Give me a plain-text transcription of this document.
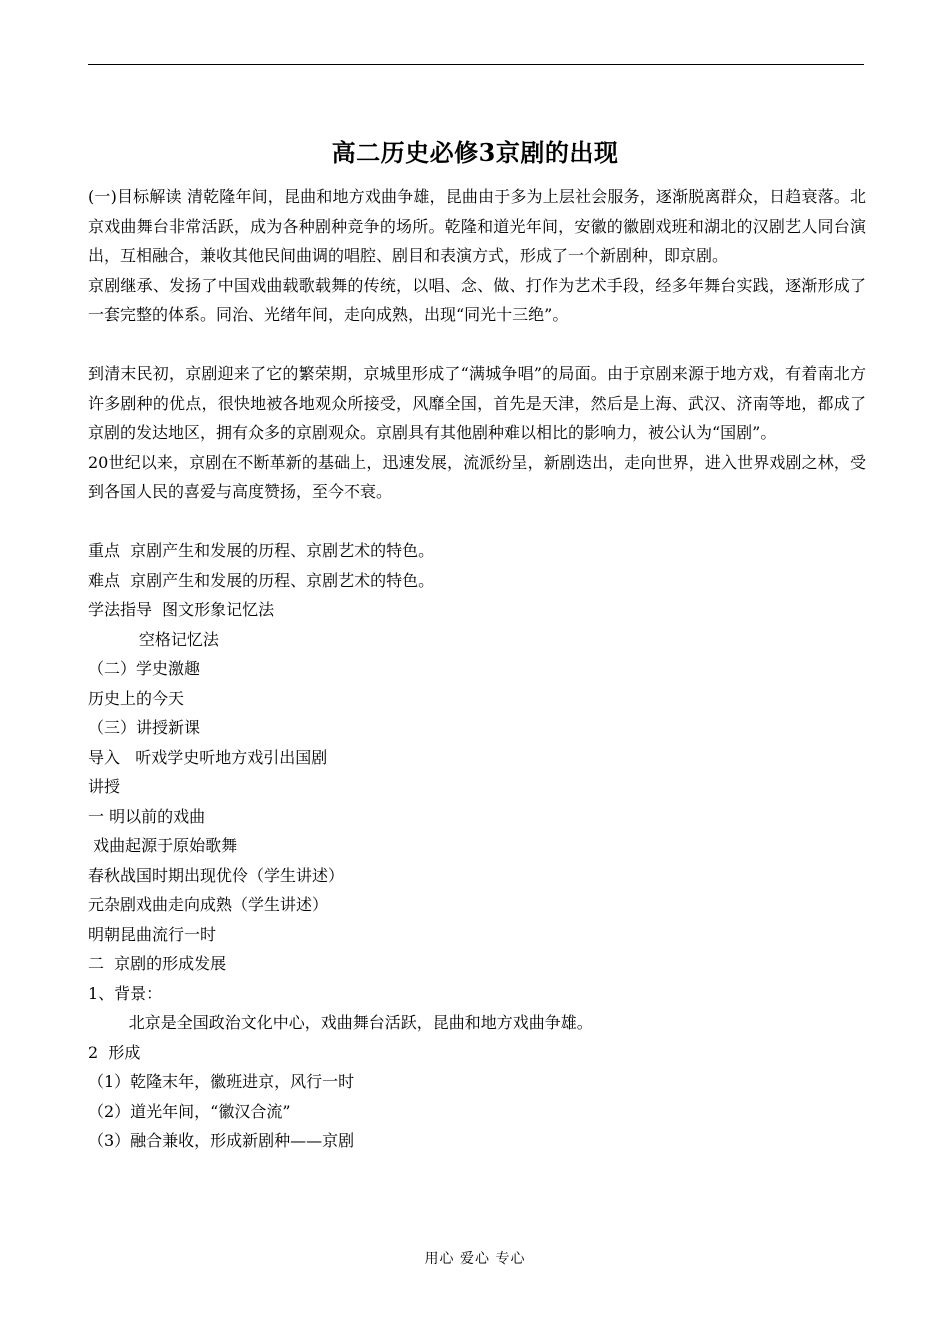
高二历史必修3京剧的出现

(一)目标解读 清乾隆年间，昆曲和地方戏曲争雄，昆曲由于多为上层社会服务，逐渐脱离群众，日趋衰落。北京戏曲舞台非常活跃，成为各种剧种竞争的场所。乾隆和道光年间，安徽的徽剧戏班和湖北的汉剧艺人同台演出，互相融合，兼收其他民间曲调的唱腔、剧目和表演方式，形成了一个新剧种，即京剧。

京剧继承、发扬了中国戏曲载歌载舞的传统，以唱、念、做、打作为艺术手段，经多年舞台实践，逐渐形成了一套完整的体系。同治、光绪年间，走向成熟，出现“同光十三绝”。

到清末民初，京剧迎来了它的繁荣期，京城里形成了“满城争唱”的局面。由于京剧来源于地方戏，有着南北方许多剧种的优点，很快地被各地观众所接受，风靡全国，首先是天津，然后是上海、武汉、济南等地，都成了京剧的发达地区，拥有众多的京剧观众。京剧具有其他剧种难以相比的影响力，被公认为“国剧”。

20世纪以来，京剧在不断革新的基础上，迅速发展，流派纷呈，新剧迭出，走向世界，进入世界戏剧之林，受到各国人民的喜爱与高度赞扬，至今不衰。

重点  京剧产生和发展的历程、京剧艺术的特色。

难点  京剧产生和发展的历程、京剧艺术的特色。

学法指导  图文形象记忆法

空格记忆法

（二）学史激趣

历史上的今天

（三）讲授新课

导入   听戏学史听地方戏引出国剧

讲授

一 明以前的戏曲

戏曲起源于原始歌舞

春秋战国时期出现优伶（学生讲述）

元杂剧戏曲走向成熟（学生讲述）

明朝昆曲流行一时

二  京剧的形成发展

1、背景：

北京是全国政治文化中心，戏曲舞台活跃，昆曲和地方戏曲争雄。

2  形成

（1）乾隆末年，徽班进京，风行一时

（2）道光年间，“徽汉合流”

（3）融合兼收，形成新剧种——京剧

用心 爱心 专心
